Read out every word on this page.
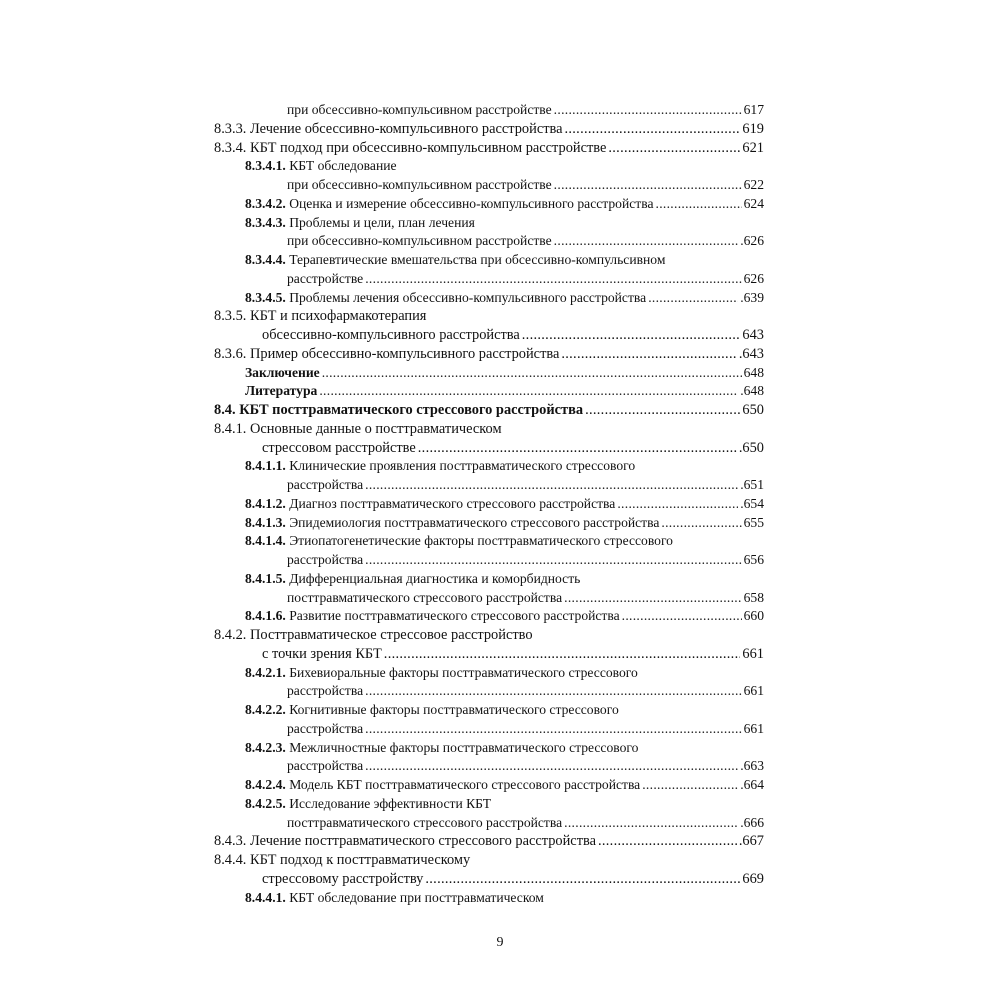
при обсессивно-компульсивном расстройстве .....	617
8.3.3.
Лечение обсессивно-компульсивного расстройства .....	619
8.3.4.
КБТ подход при обсессивно-компульсивном расстройстве .....	621
8.3.4.1.
КБТ обследование
при обсессивно-компульсивном расстройстве .....	622
8.3.4.2.
Оценка и измерение обсессивно-компульсивного расстройства .....	624
8.3.4.3.
Проблемы и цели, план лечения
при обсессивно-компульсивном расстройстве .....	.626
8.3.4.4.
Терапевтические вмешательства при обсессивно-компульсивном
расстройстве .....	626
8.3.4.5.
Проблемы лечения обсессивно-компульсивного расстройства .....	.639
8.3.5.
КБТ и психофармакотерапия
обсессивно-компульсивного расстройства .....	643
8.3.6.
Пример обсессивно-компульсивного расстройства .....	.643
Заключение .....	648
Литература .....	.648
8.4.
КБТ посттравматического стрессового расстройства .....	650
8.4.1.
Основные данные о посттравматическом
стрессовом расстройстве .....	.650
8.4.1.1.
Клинические проявления посттравматического стрессового
расстройства .....	.651
8.4.1.2.
Диагноз посттравматического стрессового расстройства .....	.654
8.4.1.3.
Эпидемиология посттравматического стрессового расстройства .....	655
8.4.1.4.
Этиопатогенетические факторы посттравматического стрессового
расстройства .....	656
8.4.1.5.
Дифференциальная диагностика и коморбидность
посттравматического стрессового расстройства .....	658
8.4.1.6.
Развитие посттравматического стрессового расстройства .....	660
8.4.2.
Посттравматическое стрессовое расстройство
с точки зрения КБТ .....	661
8.4.2.1.
Бихевиоральные факторы посттравматического стрессового
расстройства .....	661
8.4.2.2.
Когнитивные факторы посттравматического стрессового
расстройства .....	661
8.4.2.3.
Межличностные факторы посттравматического стрессового
расстройства .....	.663
8.4.2.4.
Модель КБТ посттравматического стрессового расстройства .....	.664
8.4.2.5.
Исследование эффективности КБТ
посттравматического стрессового расстройства .....	.666
8.4.3.
Лечение посттравматического стрессового расстройства .....	.667
8.4.4.
КБТ подход к посттравматическому
стрессовому расстройству .....	669
8.4.4.1.
КБТ обследование при посттравматическом
9
